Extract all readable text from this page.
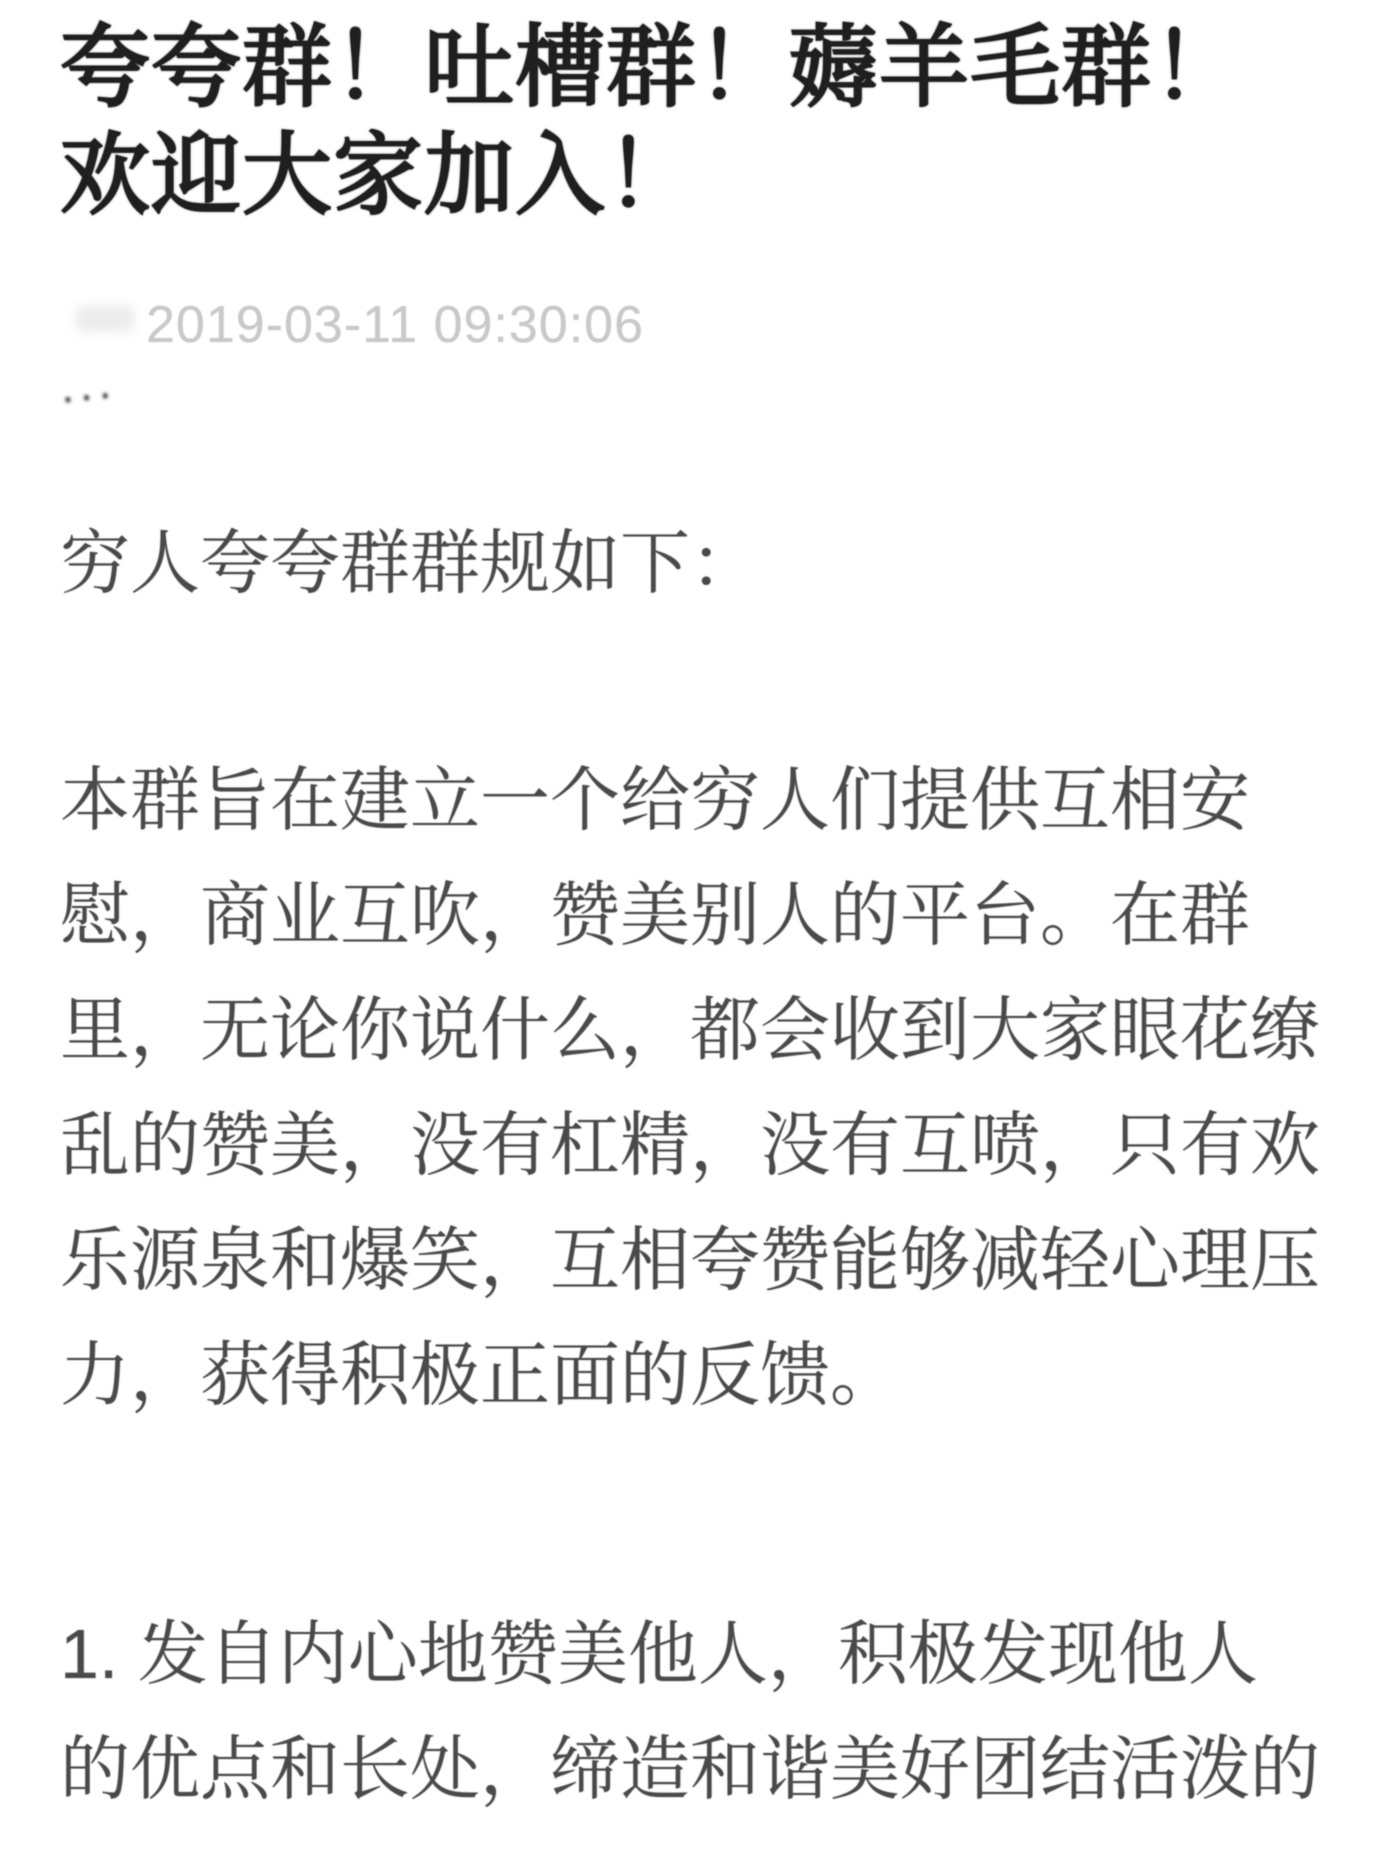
夸夸群！吐槽群！薅羊毛群！
欢迎大家加入！
...
2019-03-11 09:30:06
穷人夸夸群群规如下：
本群旨在建立一个给穷人们提供互相安
慰，商业互吹，赞美别人的平台。在群
里，无论你说什么，都会收到大家眼花缭
乱的赞美，没有杠精，没有互喷，只有欢
乐源泉和爆笑，互相夸赞能够减轻心理压
力，获得积极正面的反馈。
1. 发自内心地赞美他人，积极发现他人
的优点和长处，缔造和谐美好团结活泼的
